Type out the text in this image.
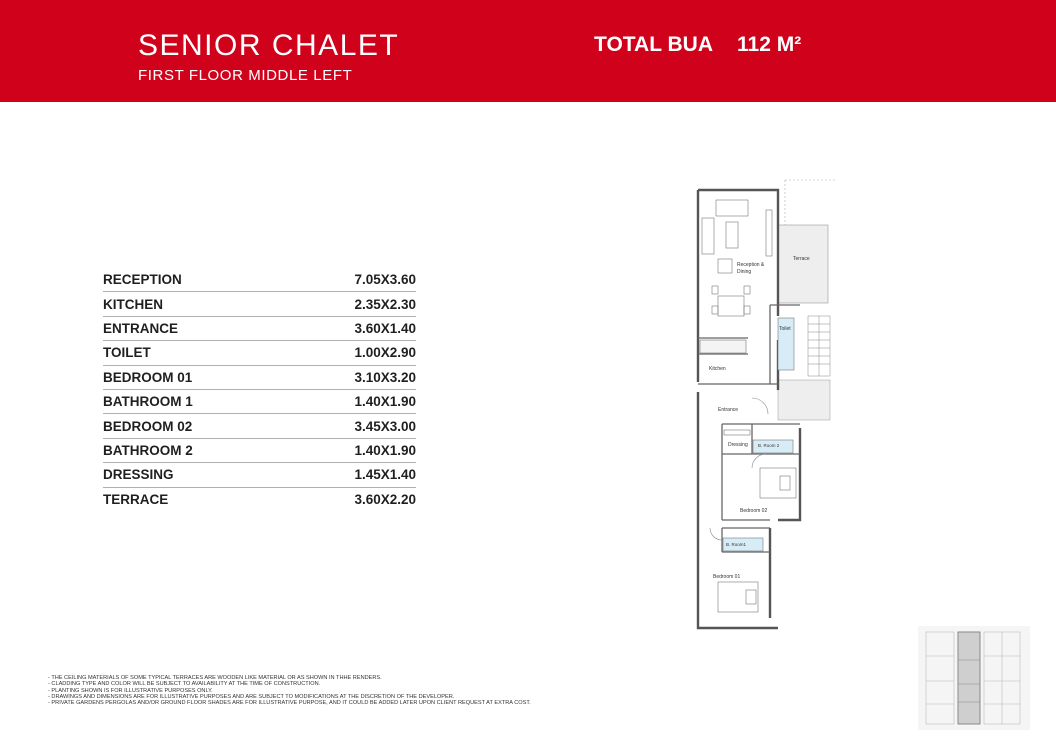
SENIOR CHALET

FIRST FLOOR MIDDLE LEFT

TOTAL BUA 112 M²

RECEPTION	7.05X3.60
KITCHEN	2.35X2.30
ENTRANCE	3.60X1.40
TOILET	1.00X2.90
BEDROOM 01	3.10X3.20
BATHROOM 1	1.40X1.90
BEDROOM 02	3.45X3.00
BATHROOM 2	1.40X1.90
DRESSING	1.45X1.40
TERRACE	3.60X2.20
Reception &
Dining
Terrace
Toilet
Kitchen
Entrance
Dressing B. Room 2
Bedroom 02
B. Room1
Bedroom 01
- THE CEILING MATERIALS OF SOME TYPICAL TERRACES ARE WOODEN LIKE MATERIAL OR AS SHOWN IN THHE RENDERS.
- CLADDING TYPE AND COLOR WILL BE SUBJECT TO AVAILABILITY AT THE TIME OF CONSTRUCTION.
- PLANTING SHOWN IS FOR ILLUSTRATIVE PURPOSES ONLY.
- DRAWINGS AND DIMENSIONS ARE FOR ILLUSTRATIVE PURPOSES AND ARE SUBJECT TO MODIFICATIONS AT THE DISCRETION OF THE DEVELOPER.
- PRIVATE GARDENS PERGOLAS AND/OR GROUND FLOOR SHADES ARE FOR ILLUSTRATIVE PURPOSE, AND IT COULD BE ADDED LATER UPON CLIENT REQUEST AT EXTRA COST.
